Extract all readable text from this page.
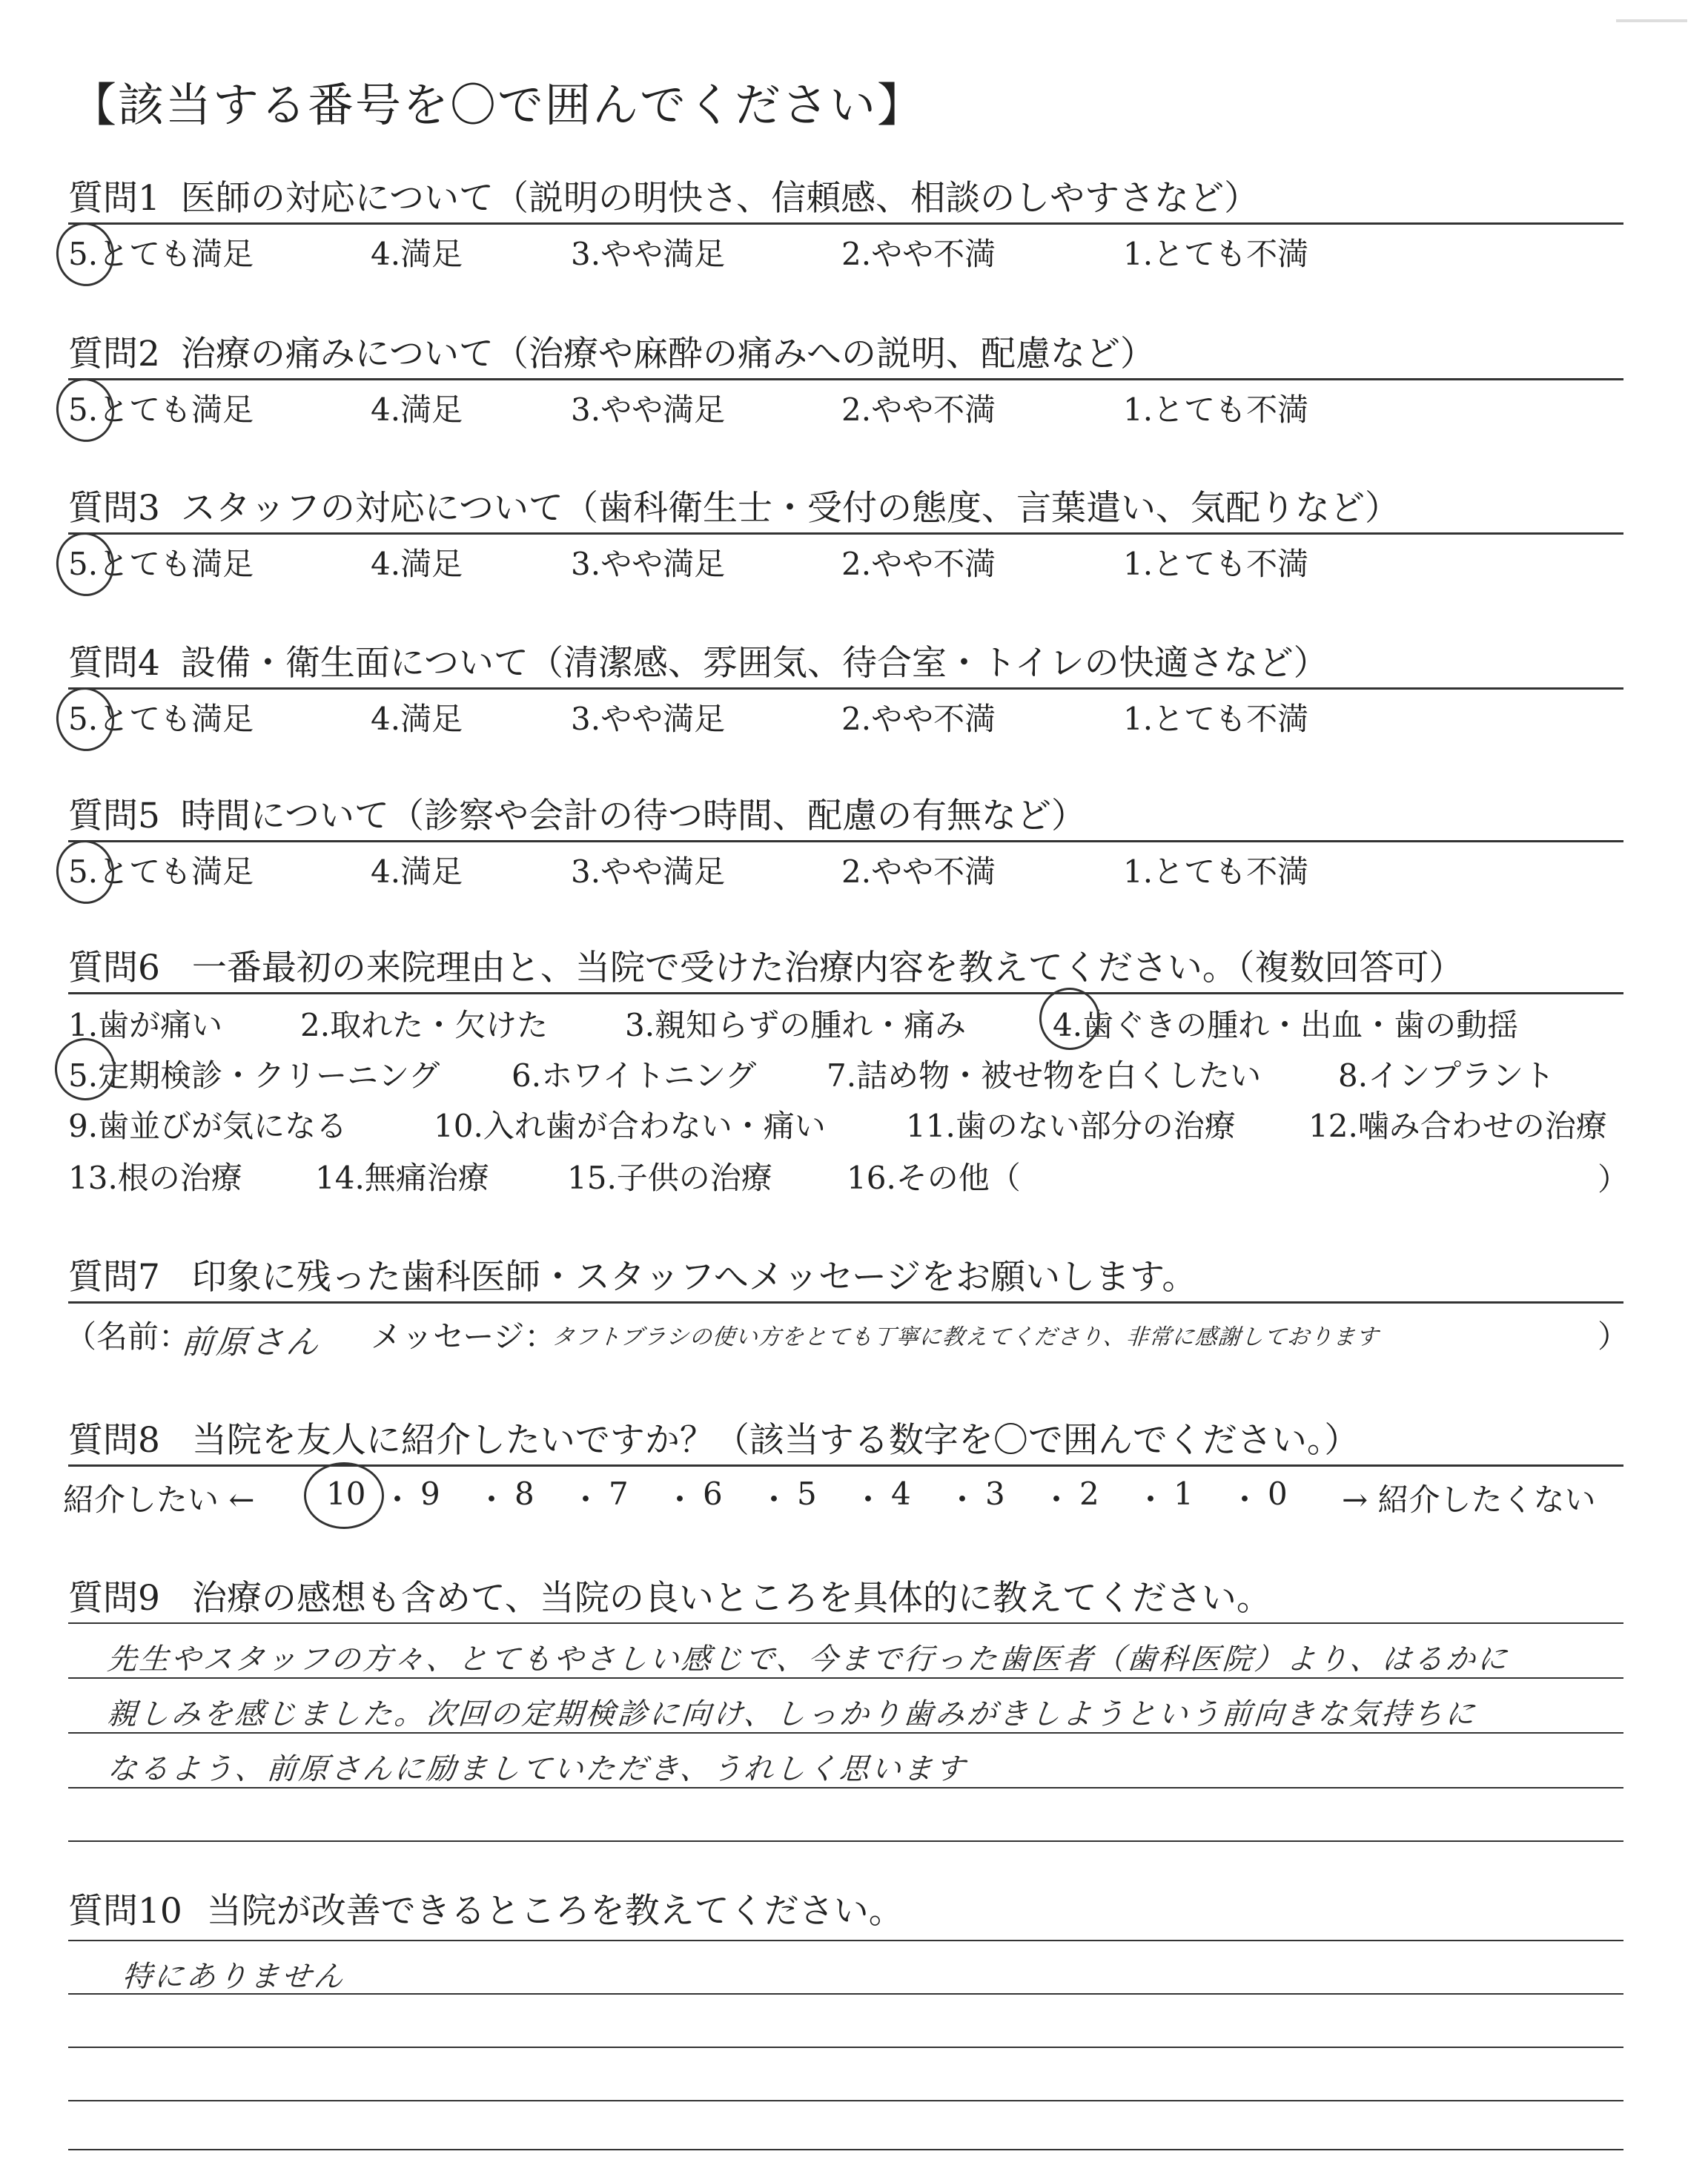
【該当する番号を〇で囲んでください】
質問1 医師の対応について（説明の明快さ、信頼感、相談のしやすさなど）
5.とても満足	4.満足	3.やや満足	2.やや不満	1.とても不満
質問2 治療の痛みについて（治療や麻酔の痛みへの説明、配慮など）
5.とても満足	4.満足	3.やや満足	2.やや不満	1.とても不満
質問3 スタッフの対応について（歯科衛生士・受付の態度、言葉遣い、気配りなど）
5.とても満足	4.満足	3.やや満足	2.やや不満	1.とても不満
質問4 設備・衛生面について（清潔感、雰囲気、待合室・トイレの快適さなど）
5.とても満足	4.満足	3.やや満足	2.やや不満	1.とても不満
質問5 時間について（診察や会計の待つ時間、配慮の有無など）
5.とても満足	4.満足	3.やや満足	2.やや不満	1.とても不満
質問6 一番最初の来院理由と、当院で受けた治療内容を教えてください。（複数回答可）
1.歯が痛い 2.取れた・欠けた 3.親知らずの腫れ・痛み	4.歯ぐきの腫れ・出血・歯の動揺
5.定期検診・クリーニング 6.ホワイトニング 7.詰め物・被せ物を白くしたい 8.インプラント
9.歯並びが気になる	10.入れ歯が合わない・痛い	11.歯のない部分の治療 12.噛み合わせの治療
13.根の治療 14.無痛治療	15.子供の治療 16.その他（	）
質問7 印象に残った歯科医師・スタッフへメッセージをお願いします。
（名前：
前原さん メッセージ：
タフトブラシの使い方をとても丁寧に教えてくださり、非常に感謝しております	）
質問8 当院を友人に紹介したいですか？（該当する数字を〇で囲んでください。）
紹介したい ← 10 ・ 9 ・ 8 ・ 7 ・ 6 ・ 5 ・ 4 ・ 3 ・ 2 ・ 1 ・ 0 → 紹介したくない
質問9 治療の感想も含めて、当院の良いところを具体的に教えてください。
先生やスタッフの方々、とてもやさしい感じで、今まで行った歯医者（歯科医院）より、はるかに
親しみを感じました。次回の定期検診に向け、しっかり歯みがきしようという前向きな気持ちに
なるよう、前原さんに励ましていただき、うれしく思います
質問10 当院が改善できるところを教えてください。
特にありません
